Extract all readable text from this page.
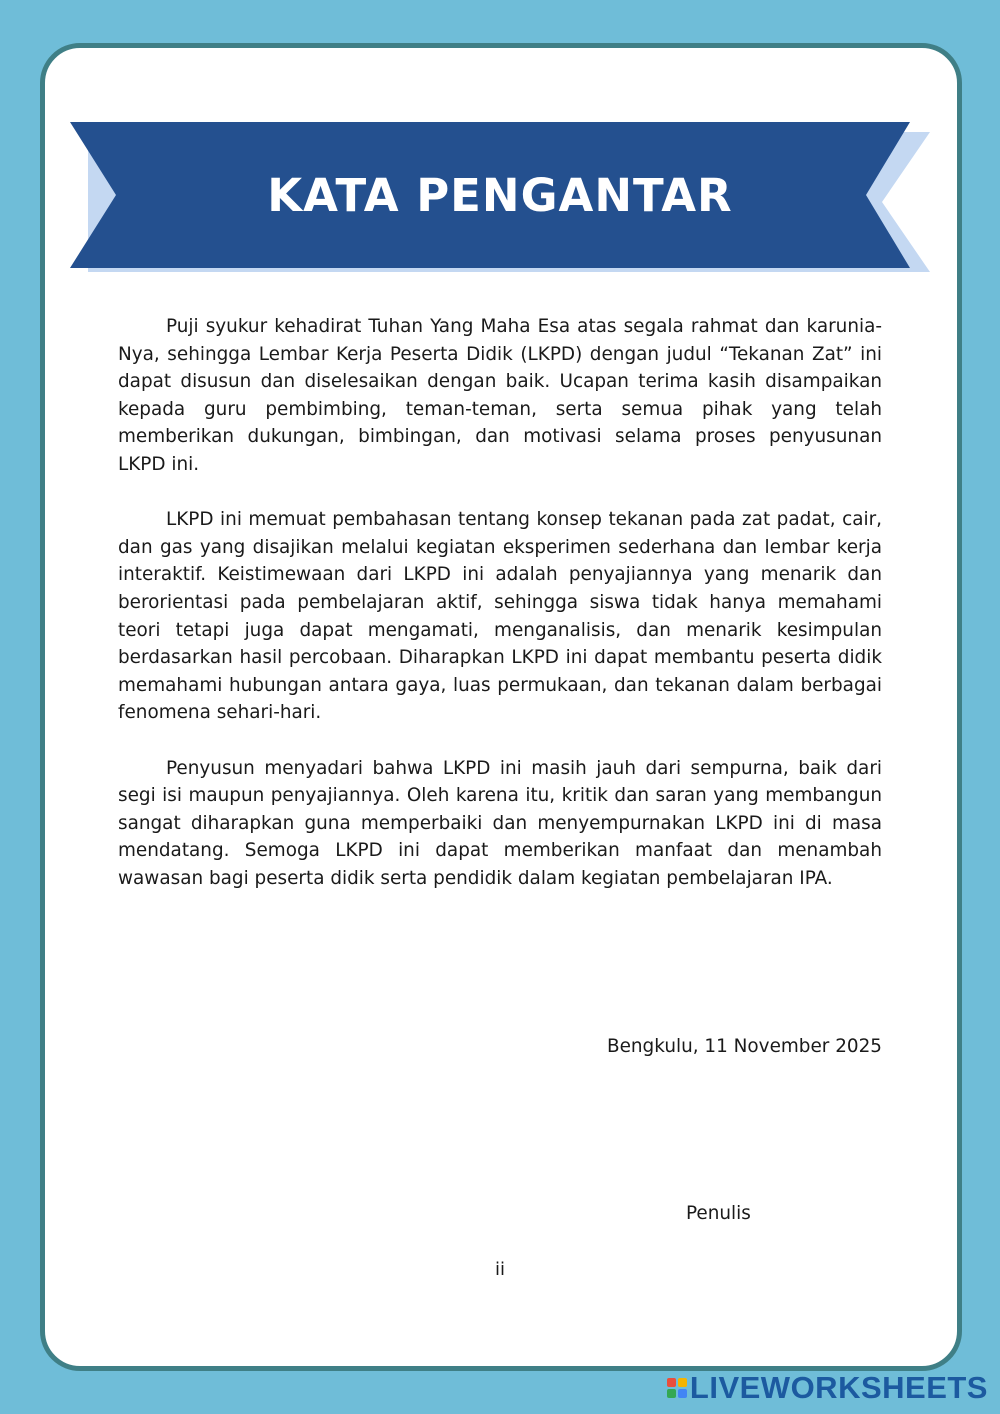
KATA PENGANTAR

Puji syukur kehadirat Tuhan Yang Maha Esa atas segala rahmat dan karunia-Nya, sehingga Lembar Kerja Peserta Didik (LKPD) dengan judul “Tekanan Zat” ini dapat disusun dan diselesaikan dengan baik. Ucapan terima kasih disampaikan kepada guru pembimbing, teman-teman, serta semua pihak yang telah memberikan dukungan, bimbingan, dan motivasi selama proses penyusunan LKPD ini.

LKPD ini memuat pembahasan tentang konsep tekanan pada zat padat, cair, dan gas yang disajikan melalui kegiatan eksperimen sederhana dan lembar kerja interaktif. Keistimewaan dari LKPD ini adalah penyajiannya yang menarik dan berorientasi pada pembelajaran aktif, sehingga siswa tidak hanya memahami teori tetapi juga dapat mengamati, menganalisis, dan menarik kesimpulan berdasarkan hasil percobaan. Diharapkan LKPD ini dapat membantu peserta didik memahami hubungan antara gaya, luas permukaan, dan tekanan dalam berbagai fenomena sehari-hari.

Penyusun menyadari bahwa LKPD ini masih jauh dari sempurna, baik dari segi isi maupun penyajiannya. Oleh karena itu, kritik dan saran yang membangun sangat diharapkan guna memperbaiki dan menyempurnakan LKPD ini di masa mendatang. Semoga LKPD ini dapat memberikan manfaat dan menambah wawasan bagi peserta didik serta pendidik dalam kegiatan pembelajaran IPA.

Bengkulu, 11 November 2025
Penulis
ii
LIVEWORKSHEETS
